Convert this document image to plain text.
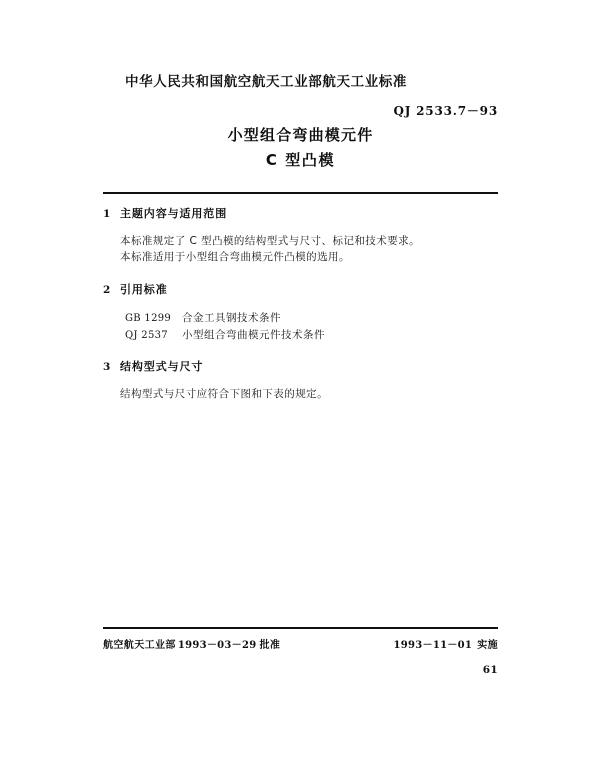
中华人民共和国航空航天工业部航天工业标准
QJ 2533.7－93
小型组合弯曲模元件
C 型凸模
1 主题内容与适用范围
本标准规定了 C 型凸模的结构型式与尺寸、标记和技术要求。
本标准适用于小型组合弯曲模元件凸模的选用。
2 引用标准
GB 1299	合金工具钢技术条件
QJ 2537	小型组合弯曲模元件技术条件
3 结构型式与尺寸
结构型式与尺寸应符合下图和下表的规定。
航空航天工业部 1993－03－29 批准	1993－11－01 实施
61
